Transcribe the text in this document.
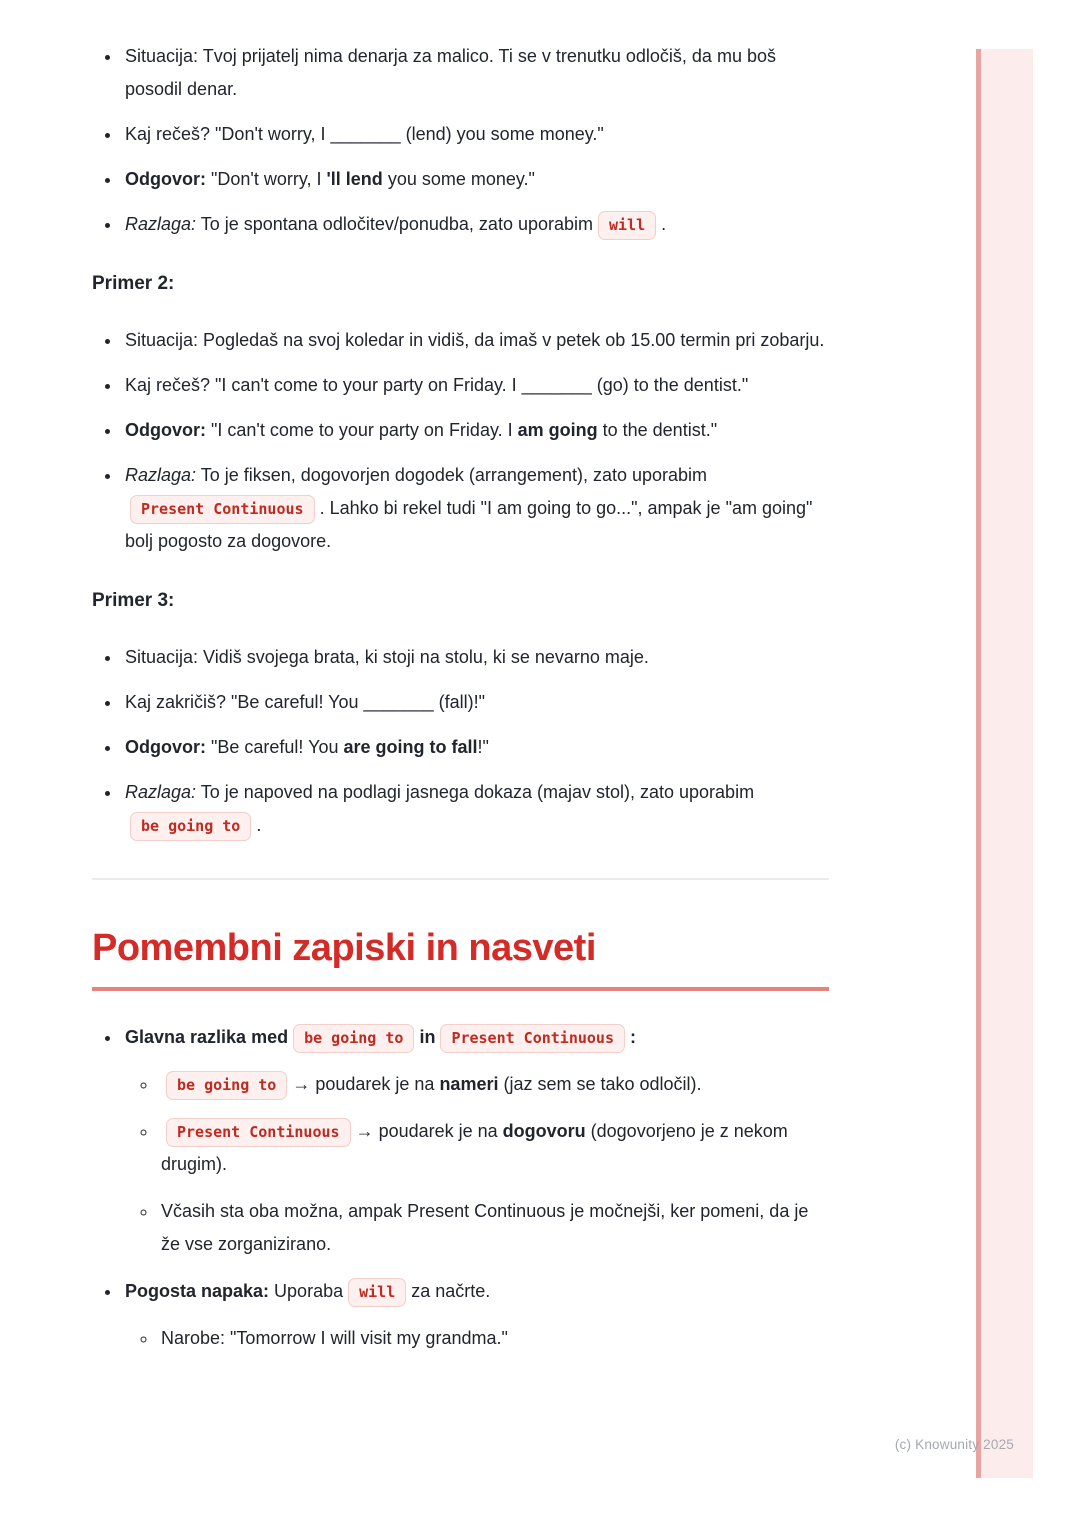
(c) Knowunity 2025
• Situacija: Tvoj prijatelj nima denarja za malico. Ti se v trenutku odločiš, da mu boš posodil denar.
• Kaj rečeš? "Don't worry, I _______ (lend) you some money."
• Odgovor: "Don't worry, I 'll lend you some money."
• Razlaga: To je spontana odločitev/ponudba, zato uporabim will .
Primer 2:
• Situacija: Pogledaš na svoj koledar in vidiš, da imaš v petek ob 15.00 termin pri zobarju.
• Kaj rečeš? "I can't come to your party on Friday. I _______ (go) to the dentist."
• Odgovor: "I can't come to your party on Friday. I am going to the dentist."
• Razlaga: To je fiksen, dogovorjen dogodek (arrangement), zato uporabimPresent Continuous . Lahko bi rekel tudi "I am going to go...", ampak je "am going" bolj pogosto za dogovore.
Primer 3:
• Situacija: Vidiš svojega brata, ki stoji na stolu, ki se nevarno maje.
• Kaj zakričiš? "Be careful! You _______ (fall)!"
• Odgovor: "Be careful! You are going to fall!"
• Razlaga: To je napoved na podlagi jasnega dokaza (majav stol), zato uporabimbe going to .
Pomembni zapiski in nasveti
• Glavna razlika med be going to in Present Continuous :
◦ be going to → poudarek je na nameri (jaz sem se tako odločil).
◦ Present Continuous → poudarek je na dogovoru (dogovorjeno je z nekom drugim).
◦ Včasih sta oba možna, ampak Present Continuous je močnejši, ker pomeni, da je že vse zorganizirano.
• Pogosta napaka: Uporaba will za načrte.
◦ Narobe: "Tomorrow I will visit my grandma."
